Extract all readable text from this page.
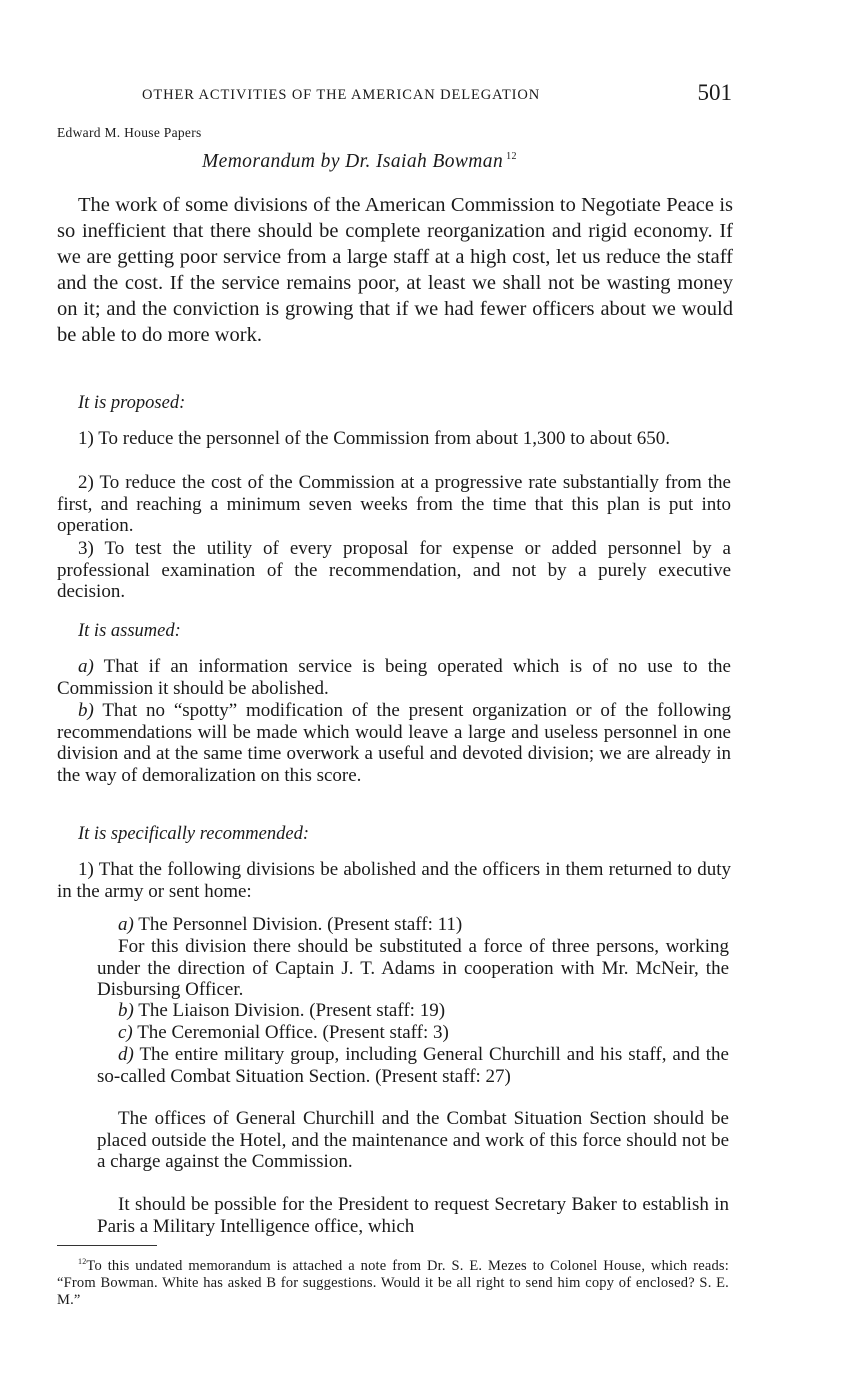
OTHER ACTIVITIES OF THE AMERICAN DELEGATION	501
Edward M. House Papers
Memorandum by Dr. Isaiah Bowman $^{12}$

The work of some divisions of the American Commission to Negotiate Peace is so inefficient that there should be complete reorganization and rigid economy. If we are getting poor service from a large staff at a high cost, let us reduce the staff and the cost. If the service remains poor, at least we shall not be wasting money on it; and the conviction is growing that if we had fewer officers about we would be able to do more work.

It is proposed:

1) To reduce the personnel of the Commission from about 1,300 to about 650.

2) To reduce the cost of the Commission at a progressive rate substantially from the first, and reaching a minimum seven weeks from the time that this plan is put into operation.

3) To test the utility of every proposal for expense or added personnel by a professional examination of the recommendation, and not by a purely executive decision.

It is assumed:

a) That if an information service is being operated which is of no use to the Commission it should be abolished.

b) That no “spotty” modification of the present organization or of the following recommendations will be made which would leave a large and useless personnel in one division and at the same time overwork a useful and devoted division; we are already in the way of demoralization on this score.

It is specifically recommended:

1) That the following divisions be abolished and the officers in them returned to duty in the army or sent home:

a) The Personnel Division. (Present staff: 11)

For this division there should be substituted a force of three persons, working under the direction of Captain J. T. Adams in cooperation with Mr. McNeir, the Disbursing Officer.

b) The Liaison Division. (Present staff: 19)

c) The Ceremonial Office. (Present staff: 3)

d) The entire military group, including General Churchill and his staff, and the so-called Combat Situation Section. (Present staff: 27)

The offices of General Churchill and the Combat Situation Section should be placed outside the Hotel, and the maintenance and work of this force should not be a charge against the Commission.

It should be possible for the President to request Secretary Baker to establish in Paris a Military Intelligence office, which

$^{12}$To this undated memorandum is attached a note from Dr. S. E. Mezes to Colonel House, which reads: “From Bowman. White has asked B for suggestions. Would it be all right to send him copy of enclosed? S. E. M.”
